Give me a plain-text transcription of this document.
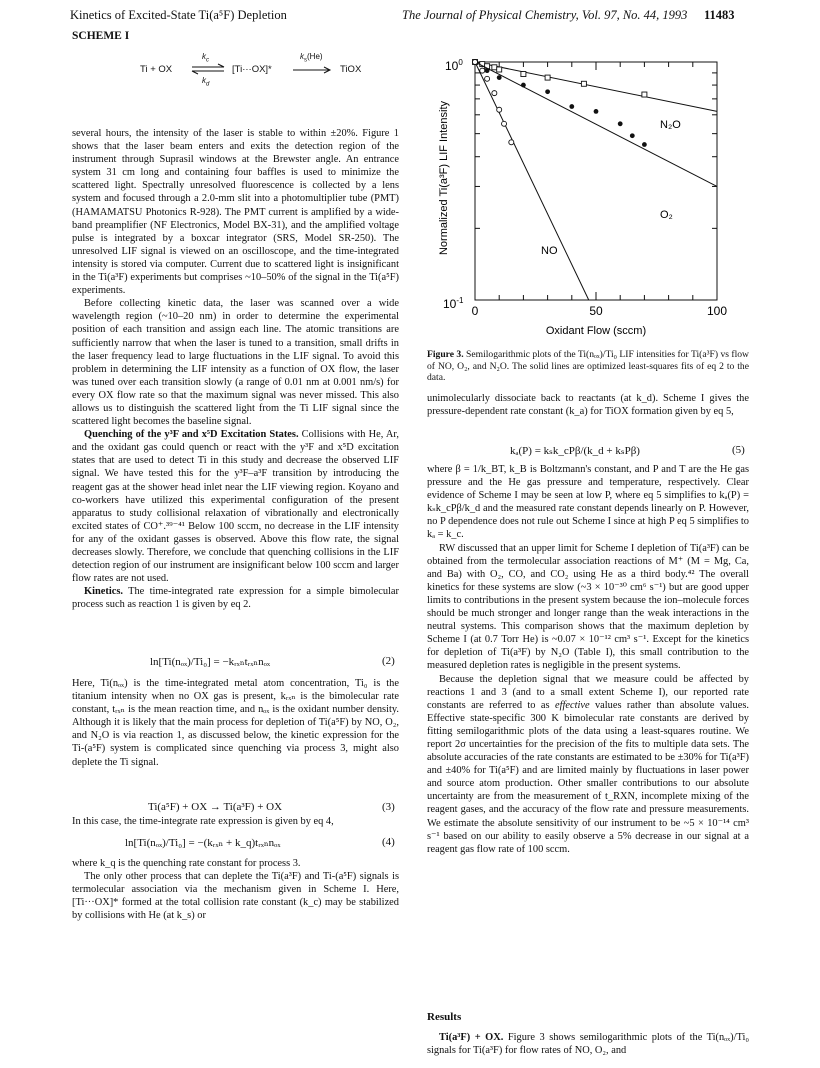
Kinetics of Excited-State Ti(a⁵F) Depletion	The Journal of Physical Chemistry, Vol. 97, No. 44, 1993 11483
SCHEME I
Ti + OX
$k_c$
$k_d$
[Ti···OX]*
$k_s(He)$
TiOX

several hours, the intensity of the laser is stable to within ±20%. Figure 1 shows that the laser beam enters and exits the detection region of the instrument through Suprasil windows at the Brewster angle. An entrance system 31 cm long and containing four baffles is used to minimize the scattered light. Spectrally unresolved fluorescence is collected by a lens system and focused through a 2.0-mm slit into a photomultiplier tube (PMT) (HAMAMATSU Photonics R-928). The PMT current is amplified by a wide-band preamplifier (NF Electronics, Model BX-31), and the amplified voltage pulse is integrated by a boxcar integrator (SRS, Model SR-250). The unresolved LIF signal is viewed on an oscilloscope, and the time-integrated intensity is stored via computer. Current due to scattered light is insignificant in the Ti(a³F) experiments but comprises ~10–50% of the signal in the Ti(a⁵F) experiments.

Before collecting kinetic data, the laser was scanned over a wide wavelength region (~10–20 nm) in order to determine the experimental position of each transition and assign each line. The atomic transitions are sufficiently narrow that when the laser is tuned to a transition, small drifts in the laser frequency lead to large fluctuations in the LIF signal. To avoid this problem in determining the LIF intensity as a function of OX flow, the laser was tuned over each transition slowly (a range of 0.01 nm at 0.001 nm/s) for every OX flow rate so that the maximum signal was never missed. This also allows us to distinguish the scattered light from the Ti LIF signal since the scattered light becomes the baseline signal.

Quenching of the y³F and x⁵D Excitation States. Collisions with He, Ar, and the oxidant gas could quench or react with the y³F and x⁵D excitation states that are used to detect Ti in this study and decrease the observed LIF signal. We have tested this for the y³F–a³F transition by introducing the reagent gas at the shower head inlet near the LIF viewing region. Koyano and co-workers have utilized this experimental configuration of the present apparatus to study collisional relaxation of vibrationally and electronically excited states of CO⁺.³⁹⁻⁴¹ Below 100 sccm, no decrease in the LIF intensity for any of the oxidant gasses is observed. Above this flow rate, the signal decreases slowly. Therefore, we conclude that quenching collisions in the LIF detection region of our instrument are insignificant below 100 sccm and larger flow rates are not used.

Kinetics. The time-integrated rate expression for a simple bimolecular process such as reaction 1 is given by eq 2.

ln[Ti(nₒₓ)/Ti₀] = −kᵣₓₙtᵣₓₙnₒₓ	(2)

Here, Ti(nₒₓ) is the time-integrated metal atom concentration, Ti₀ is the titanium intensity when no OX gas is present, kᵣₓₙ is the bimolecular rate constant, tᵣₓₙ is the mean reaction time, and nₒₓ is the oxidant number density. Although it is likely that the main process for depletion of Ti(a⁵F) by NO, O₂, and N₂O is via reaction 1, as discussed below, the kinetic expression for the Ti-(a⁵F) system is complicated since quenching via process 3, might also deplete the Ti signal.

Ti(a⁵F) + OX → Ti(a³F) + OX	(3)

In this case, the time-integrate rate expression is given by eq 4,

ln[Ti(nₒₓ)/Ti₀] = −(kᵣₓₙ + k_q)tᵣₓₙnₒₓ	(4)

where k_q is the quenching rate constant for process 3.

The only other process that can deplete the Ti(a³F) and Ti-(a⁵F) signals is termolecular association via the mechanism given in Scheme I. Here, [Ti···OX]* formed at the total collision rate constant (k_c) may be stabilized by collisions with He (at k_s) or

Normalized Ti(a³F) LIF Intensity
$10^0$
$10^{-1}$
0	50	100
Oxidant Flow (sccm)
N₂O
O₂
NO

Figure 3. Semilogarithmic plots of the Ti(nₒₓ)/Ti₀ LIF intensities for Ti(a³F) vs flow of NO, O₂, and N₂O. The solid lines are optimized least-squares fits of eq 2 to the data.

unimolecularly dissociate back to reactants (at k_d). Scheme I gives the pressure-dependent rate constant (k_a) for TiOX formation given by eq 5,

kₐ(P) = kₛk_cPβ/(k_d + kₛPβ)	(5)

where β = 1/k_BT, k_B is Boltzmann's constant, and P and T are the He gas pressure and the He gas pressure and temperature, respectively. Clear evidence of Scheme I may be seen at low P, where eq 5 simplifies to kₐ(P) = kₛk_cPβ/k_d and the measured rate constant depends linearly on P. However, no P dependence does not rule out Scheme I since at high P eq 5 simplifies to kₐ = k_c.

RW discussed that an upper limit for Scheme I depletion of Ti(a³F) can be obtained from the termolecular association reactions of M⁺ (M = Mg, Ca, and Ba) with O₂, CO, and CO₂ using He as a third body.⁴² The overall kinetics for these systems are slow (~3 × 10⁻³⁰ cm⁶ s⁻¹) but are good upper limits to contributions in the present system because the ion–molecule forces should be much stronger and longer range than the weak interactions in the neutral systems. This comparison shows that the maximum depletion by Scheme I (at 0.7 Torr He) is ~0.07 × 10⁻¹² cm³ s⁻¹. Except for the kinetics for depletion of Ti(a³F) by N₂O (Table I), this small contribution to the measured depletion rates is negligible in the present systems.

Because the depletion signal that we measure could be affected by reactions 1 and 3 (and to a small extent Scheme I), our reported rate constants are referred to as effective values rather than absolute values. Effective state-specific 300 K bimolecular rate constants are derived by fitting semilogarithmic plots of the data using a least-squares routine. We report 2σ uncertainties for the precision of the fits to multiple data sets. The absolute accuracies of the rate constants are estimated to be ±30% for Ti(a³F) and ±40% for Ti(a⁵F) and are limited mainly by fluctuations in laser power and source atom production. Other smaller contributions to our absolute uncertainty are from the measurement of t_RXN, incomplete mixing of the reagent gases, and the accuracy of the flow rate and pressure measurements. We estimate the absolute sensitivity of our instrument to be ~5 × 10⁻¹⁴ cm³ s⁻¹ based on our ability to easily observe a 5% decrease in our signal at a reagent gas flow rate of 100 sccm.

Results

Ti(a³F) + OX. Figure 3 shows semilogarithmic plots of the Ti(nₒₓ)/Ti₀ signals for Ti(a³F) for flow rates of NO, O₂, and
